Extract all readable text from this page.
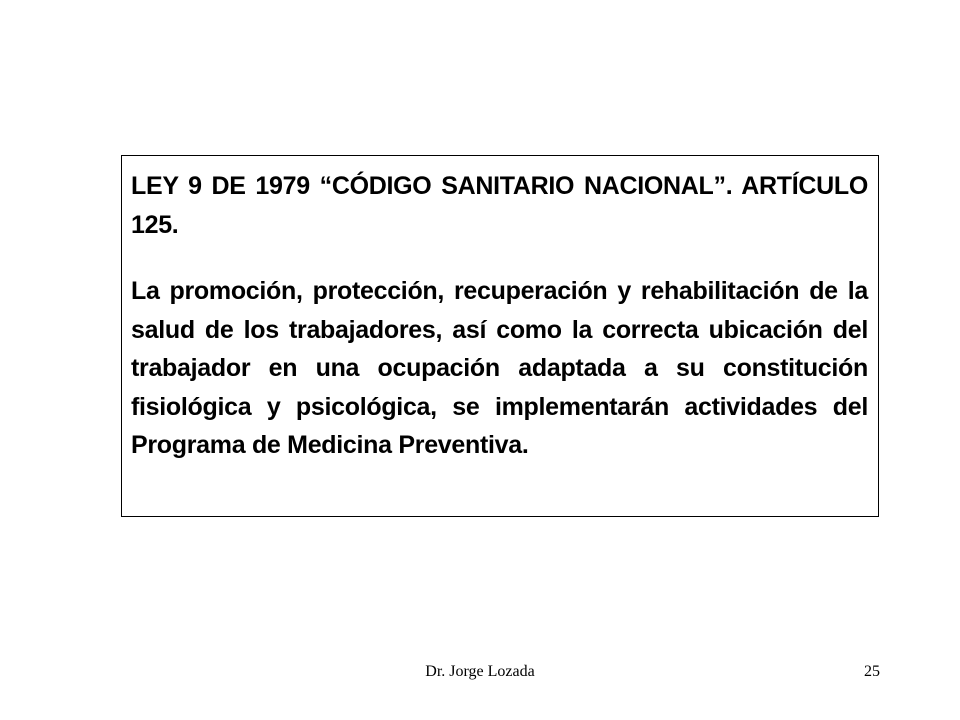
LEY 9 DE 1979 “CÓDIGO SANITARIO NACIONAL”. ARTÍCULO 125.

La promoción, protección, recuperación y rehabilitación de la salud de los trabajadores, así como la correcta ubicación del trabajador en una ocupación adaptada a su constitución fisiológica y psicológica, se implementarán actividades del Programa de Medicina Preventiva.

Dr. Jorge Lozada	25
